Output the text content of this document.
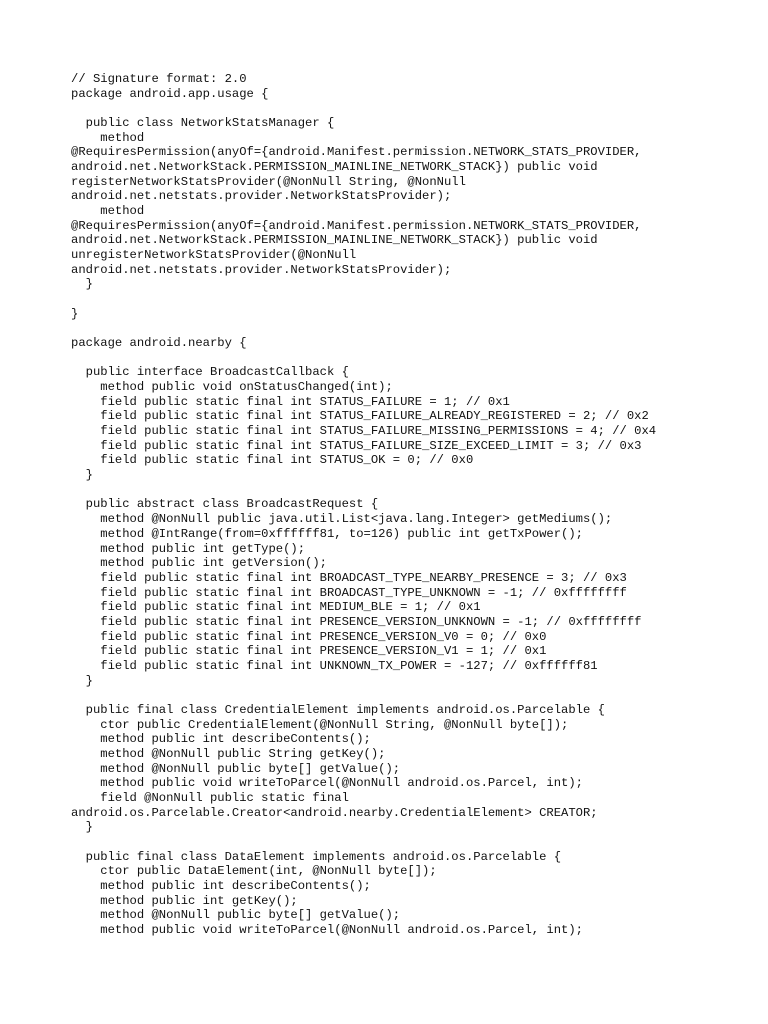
// Signature format: 2.0
package android.app.usage {
public class NetworkStatsManager {
method
@RequiresPermission(anyOf={android.Manifest.permission.NETWORK_STATS_PROVIDER,
android.net.NetworkStack.PERMISSION_MAINLINE_NETWORK_STACK}) public void
registerNetworkStatsProvider(@NonNull String, @NonNull
android.net.netstats.provider.NetworkStatsProvider);
method
@RequiresPermission(anyOf={android.Manifest.permission.NETWORK_STATS_PROVIDER,
android.net.NetworkStack.PERMISSION_MAINLINE_NETWORK_STACK}) public void
unregisterNetworkStatsProvider(@NonNull
android.net.netstats.provider.NetworkStatsProvider);
}
}
package android.nearby {
public interface BroadcastCallback {
method public void onStatusChanged(int);
field public static final int STATUS_FAILURE = 1; // 0x1
field public static final int STATUS_FAILURE_ALREADY_REGISTERED = 2; // 0x2
field public static final int STATUS_FAILURE_MISSING_PERMISSIONS = 4; // 0x4
field public static final int STATUS_FAILURE_SIZE_EXCEED_LIMIT = 3; // 0x3
field public static final int STATUS_OK = 0; // 0x0
}
public abstract class BroadcastRequest {
method @NonNull public java.util.List<java.lang.Integer> getMediums();
method @IntRange(from=0xffffff81, to=126) public int getTxPower();
method public int getType();
method public int getVersion();
field public static final int BROADCAST_TYPE_NEARBY_PRESENCE = 3; // 0x3
field public static final int BROADCAST_TYPE_UNKNOWN = -1; // 0xffffffff
field public static final int MEDIUM_BLE = 1; // 0x1
field public static final int PRESENCE_VERSION_UNKNOWN = -1; // 0xffffffff
field public static final int PRESENCE_VERSION_V0 = 0; // 0x0
field public static final int PRESENCE_VERSION_V1 = 1; // 0x1
field public static final int UNKNOWN_TX_POWER = -127; // 0xffffff81
}
public final class CredentialElement implements android.os.Parcelable {
ctor public CredentialElement(@NonNull String, @NonNull byte[]);
method public int describeContents();
method @NonNull public String getKey();
method @NonNull public byte[] getValue();
method public void writeToParcel(@NonNull android.os.Parcel, int);
field @NonNull public static final
android.os.Parcelable.Creator<android.nearby.CredentialElement> CREATOR;
}
public final class DataElement implements android.os.Parcelable {
ctor public DataElement(int, @NonNull byte[]);
method public int describeContents();
method public int getKey();
method @NonNull public byte[] getValue();
method public void writeToParcel(@NonNull android.os.Parcel, int);
